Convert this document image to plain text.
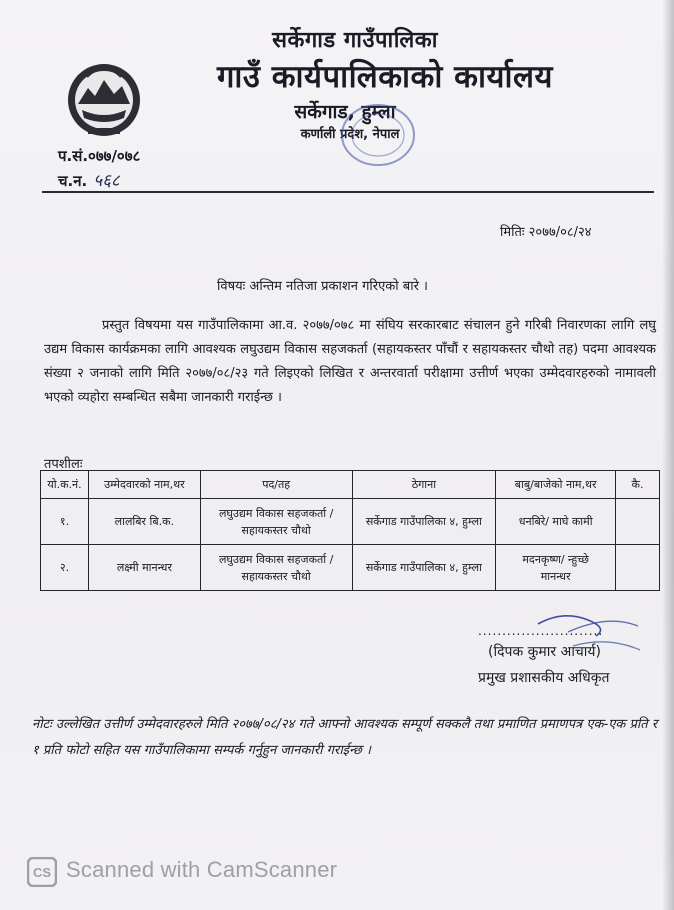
सर्केगाड गाउँपालिका
गाउँ कार्यपालिकाको कार्यालय
सर्केगाड, हुम्ला
कर्णाली प्रदेश, नेपाल
प.सं.०७७/०७८
च.न. ५६८
मितिः २०७७/०८/२४
विषयः अन्तिम नतिजा प्रकाशन गरिएको बारे ।
प्रस्तुत विषयमा यस गाउँपालिकामा आ.व. २०७७/०७८ मा संघिय सरकारबाट संचालन हुने गरिबी निवारणका लागि लघु उद्यम विकास कार्यक्रमका लागि आवश्यक लघुउद्यम विकास सहजकर्ता (सहायकस्तर पाँचौं र सहायकस्तर चौथो तह) पदमा आवश्यक संख्या २ जनाको लागि मिति २०७७/०८/२३ गते लिइएको लिखित र अन्तरवार्ता परीक्षामा उत्तीर्ण भएका उम्मेदवारहरुको नामावली भएको व्यहोरा सम्बन्धित सबैमा जानकारी गराईन्छ ।
तपशीलः
यो.क.नं.	उम्मेदवारको नाम,थर	पद/तह	ठेगाना	बाबु/बाजेको नाम,थर	कै.
१.	लालबिर बि.क.	लघुउद्यम विकास सहजकर्ता /
सहायकस्तर चौथो	सर्केगाड गाउँपालिका ४, हुम्ला	धनबिरे/ माघे कामी	
२.	लक्ष्मी मानन्धर	लघुउद्यम विकास सहजकर्ता /
सहायकस्तर चौथो	सर्केगाड गाउँपालिका ४, हुम्ला	मदनकृष्ण/ न्हुच्छे
मानन्धर	
..........................
(दिपक कुमार आचार्य)
प्रमुख प्रशासकीय अधिकृत
नोटः उल्लेखित उत्तीर्ण उम्मेदवारहरुले मिति २०७७/०८/२४ गते आफ्नो आवश्यक सम्पूर्ण सक्कलै तथा प्रमाणित प्रमाणपत्र एक-एक प्रति र १ प्रति फोटो सहित यस गाउँपालिकामा सम्पर्क गर्नुहुन जानकारी गराईन्छ ।
CS Scanned with CamScanner
